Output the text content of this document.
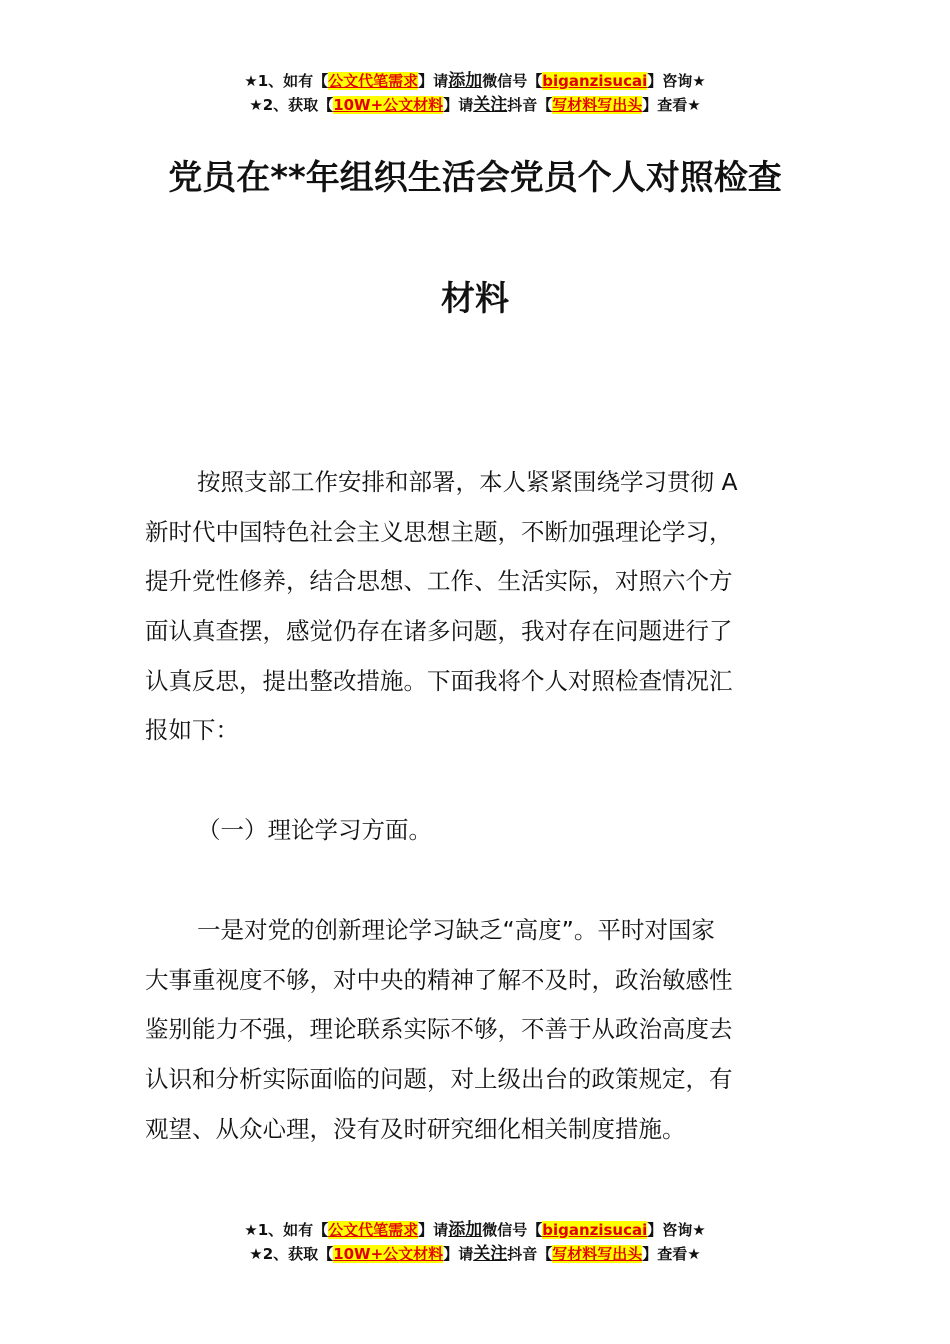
★1、如有【公文代笔需求】请添加微信号【biganzisucai】咨询★
★2、获取【10W+公文材料】请关注抖音【写材料写出头】查看★
党员在**年组织生活会党员个人对照检查
材料
按照支部工作安排和部署，本人紧紧围绕学习贯彻 A
新时代中国特色社会主义思想主题，不断加强理论学习，
提升党性修养，结合思想、工作、生活实际，对照六个方
面认真查摆，感觉仍存在诸多问题，我对存在问题进行了
认真反思，提出整改措施。下面我将个人对照检查情况汇
报如下：
（一）理论学习方面。
一是对党的创新理论学习缺乏“高度”。平时对国家
大事重视度不够，对中央的精神了解不及时，政治敏感性
鉴别能力不强，理论联系实际不够，不善于从政治高度去
认识和分析实际面临的问题，对上级出台的政策规定，有
观望、从众心理，没有及时研究细化相关制度措施。
★1、如有【公文代笔需求】请添加微信号【biganzisucai】咨询★
★2、获取【10W+公文材料】请关注抖音【写材料写出头】查看★
